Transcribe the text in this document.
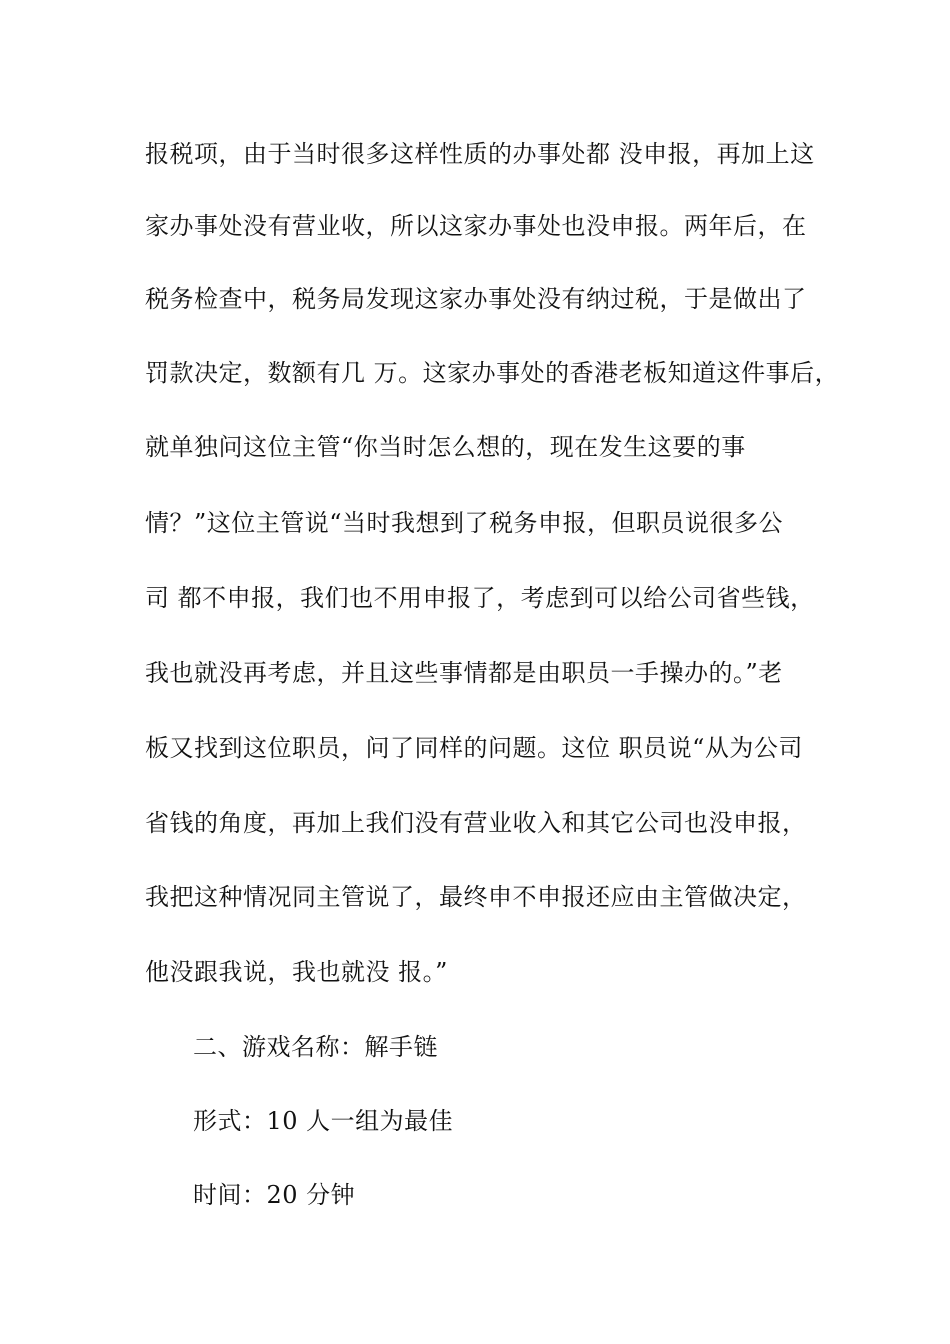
报税项，由于当时很多这样性质的办事处都 没申报，再加上这
家办事处没有营业收，所以这家办事处也没申报。两年后，在
税务检查中，税务局发现这家办事处没有纳过税，于是做出了
罚款决定，数额有几 万。这家办事处的香港老板知道这件事后，
就单独问这位主管“你当时怎么想的，现在发生这要的事
情？”这位主管说“当时我想到了税务申报，但职员说很多公
司 都不申报，我们也不用申报了，考虑到可以给公司省些钱，
我也就没再考虑，并且这些事情都是由职员一手操办的。”老
板又找到这位职员，问了同样的问题。这位 职员说“从为公司
省钱的角度，再加上我们没有营业收入和其它公司也没申报，
我把这种情况同主管说了，最终申不申报还应由主管做决定，
他没跟我说，我也就没 报。”
二、游戏名称：解手链
形式：10 人一组为最佳
时间：20 分钟
